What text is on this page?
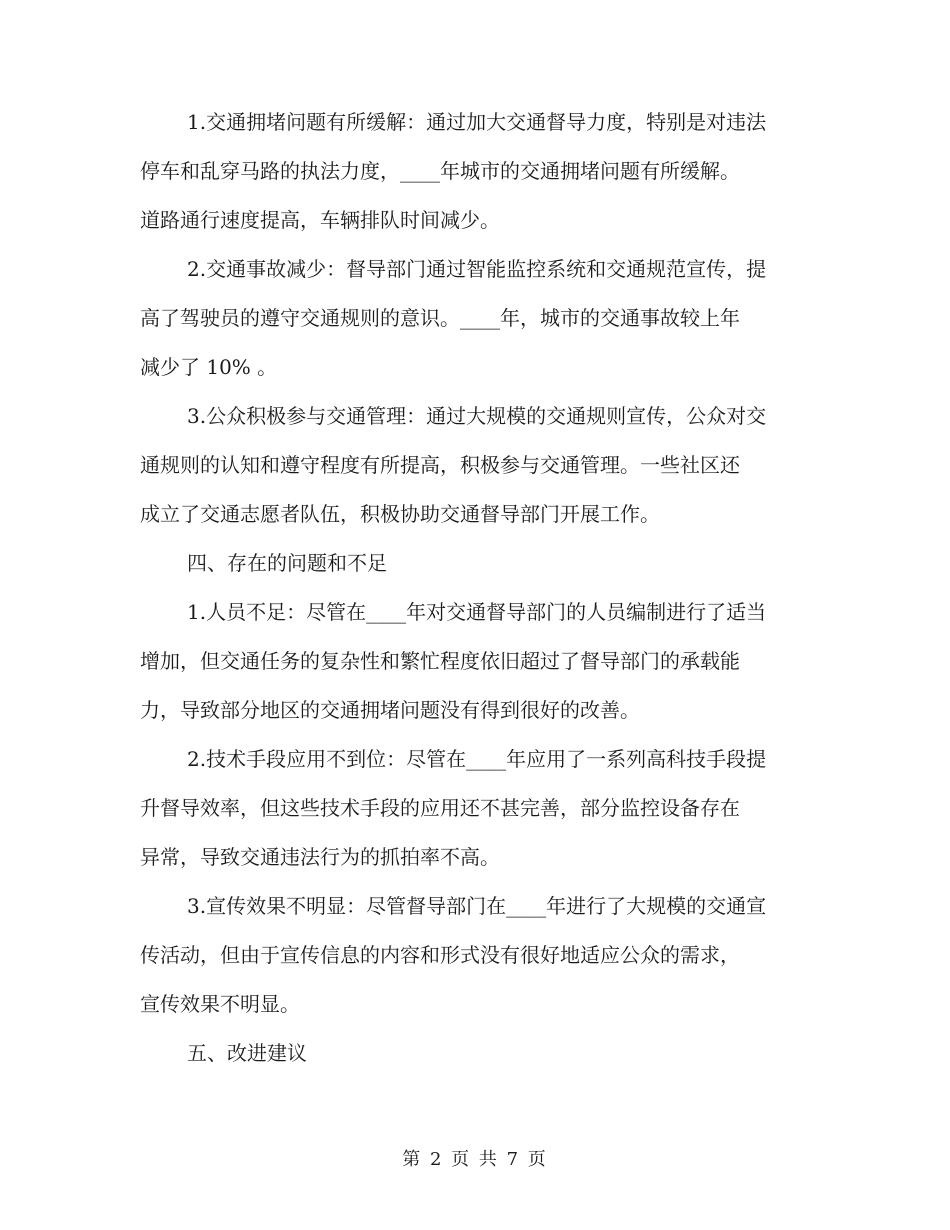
1.交通拥堵问题有所缓解：通过加大交通督导力度，特别是对违法
停车和乱穿马路的执法力度，____年城市的交通拥堵问题有所缓解。
道路通行速度提高，车辆排队时间减少。

2.交通事故减少：督导部门通过智能监控系统和交通规范宣传，提
高了驾驶员的遵守交通规则的意识。____年，城市的交通事故较上年
减少了 10% 。

3.公众积极参与交通管理：通过大规模的交通规则宣传，公众对交
通规则的认知和遵守程度有所提高，积极参与交通管理。一些社区还
成立了交通志愿者队伍，积极协助交通督导部门开展工作。

四、存在的问题和不足

1.人员不足：尽管在____年对交通督导部门的人员编制进行了适当
增加，但交通任务的复杂性和繁忙程度依旧超过了督导部门的承载能
力，导致部分地区的交通拥堵问题没有得到很好的改善。

2.技术手段应用不到位：尽管在____年应用了一系列高科技手段提
升督导效率，但这些技术手段的应用还不甚完善，部分监控设备存在
异常，导致交通违法行为的抓拍率不高。

3.宣传效果不明显：尽管督导部门在____年进行了大规模的交通宣
传活动，但由于宣传信息的内容和形式没有很好地适应公众的需求，
宣传效果不明显。

五、改进建议

第 2 页 共 7 页
